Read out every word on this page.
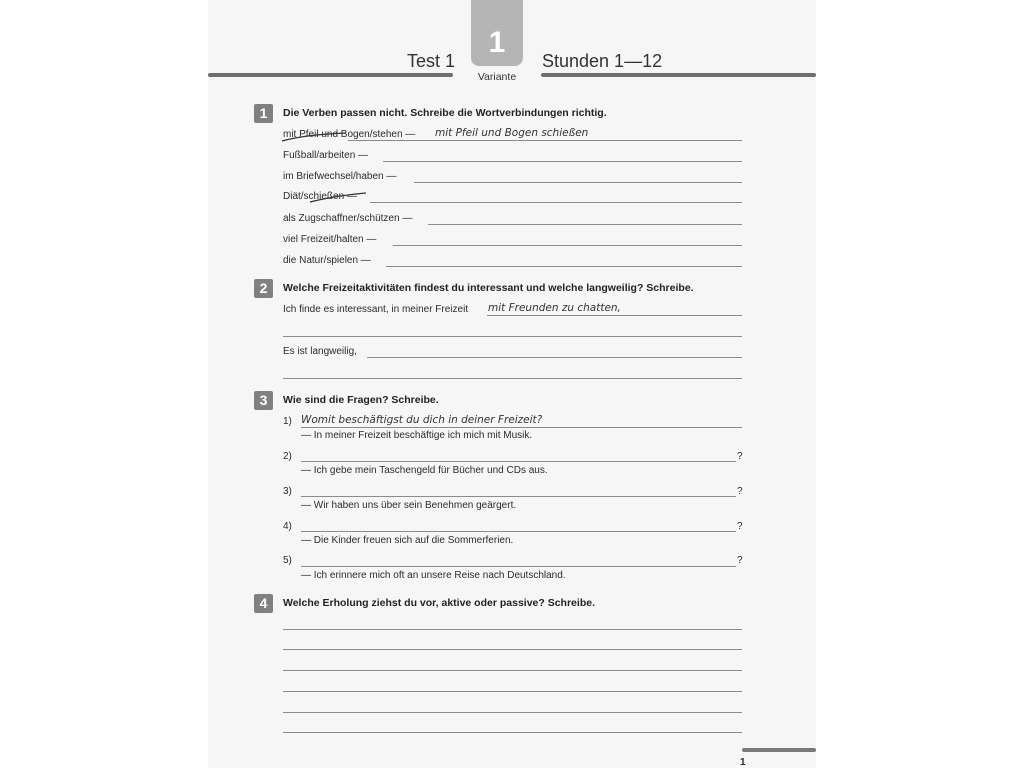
1
Variante
Test 1	Stunden 1—12
1	Die Verben passen nicht. Schreibe die Wortverbindungen richtig.
mit Pfeil und Bogen/stehen — mit Pfeil und Bogen schießen
Fußball/arbeiten —
im Briefwechsel/haben —
Diät/schießen —
als Zugschaffner/schützen —
viel Freizeit/halten —
die Natur/spielen —
2	Welche Freizeitaktivitäten findest du interessant und welche langweilig? Schreibe.
Ich finde es interessant, in meiner Freizeit mit Freunden zu chatten,
Es ist langweilig,
3	Wie sind die Fragen? Schreibe.
1) Womit beschäftigst du dich in deiner Freizeit?
— In meiner Freizeit beschäftige ich mich mit Musik.
2)	?
— Ich gebe mein Taschengeld für Bücher und CDs aus.
3)	?
— Wir haben uns über sein Benehmen geärgert.
4)	?
— Die Kinder freuen sich auf die Sommerferien.
5)	?
— Ich erinnere mich oft an unsere Reise nach Deutschland.
4	Welche Erholung ziehst du vor, aktive oder passive? Schreibe.
1
